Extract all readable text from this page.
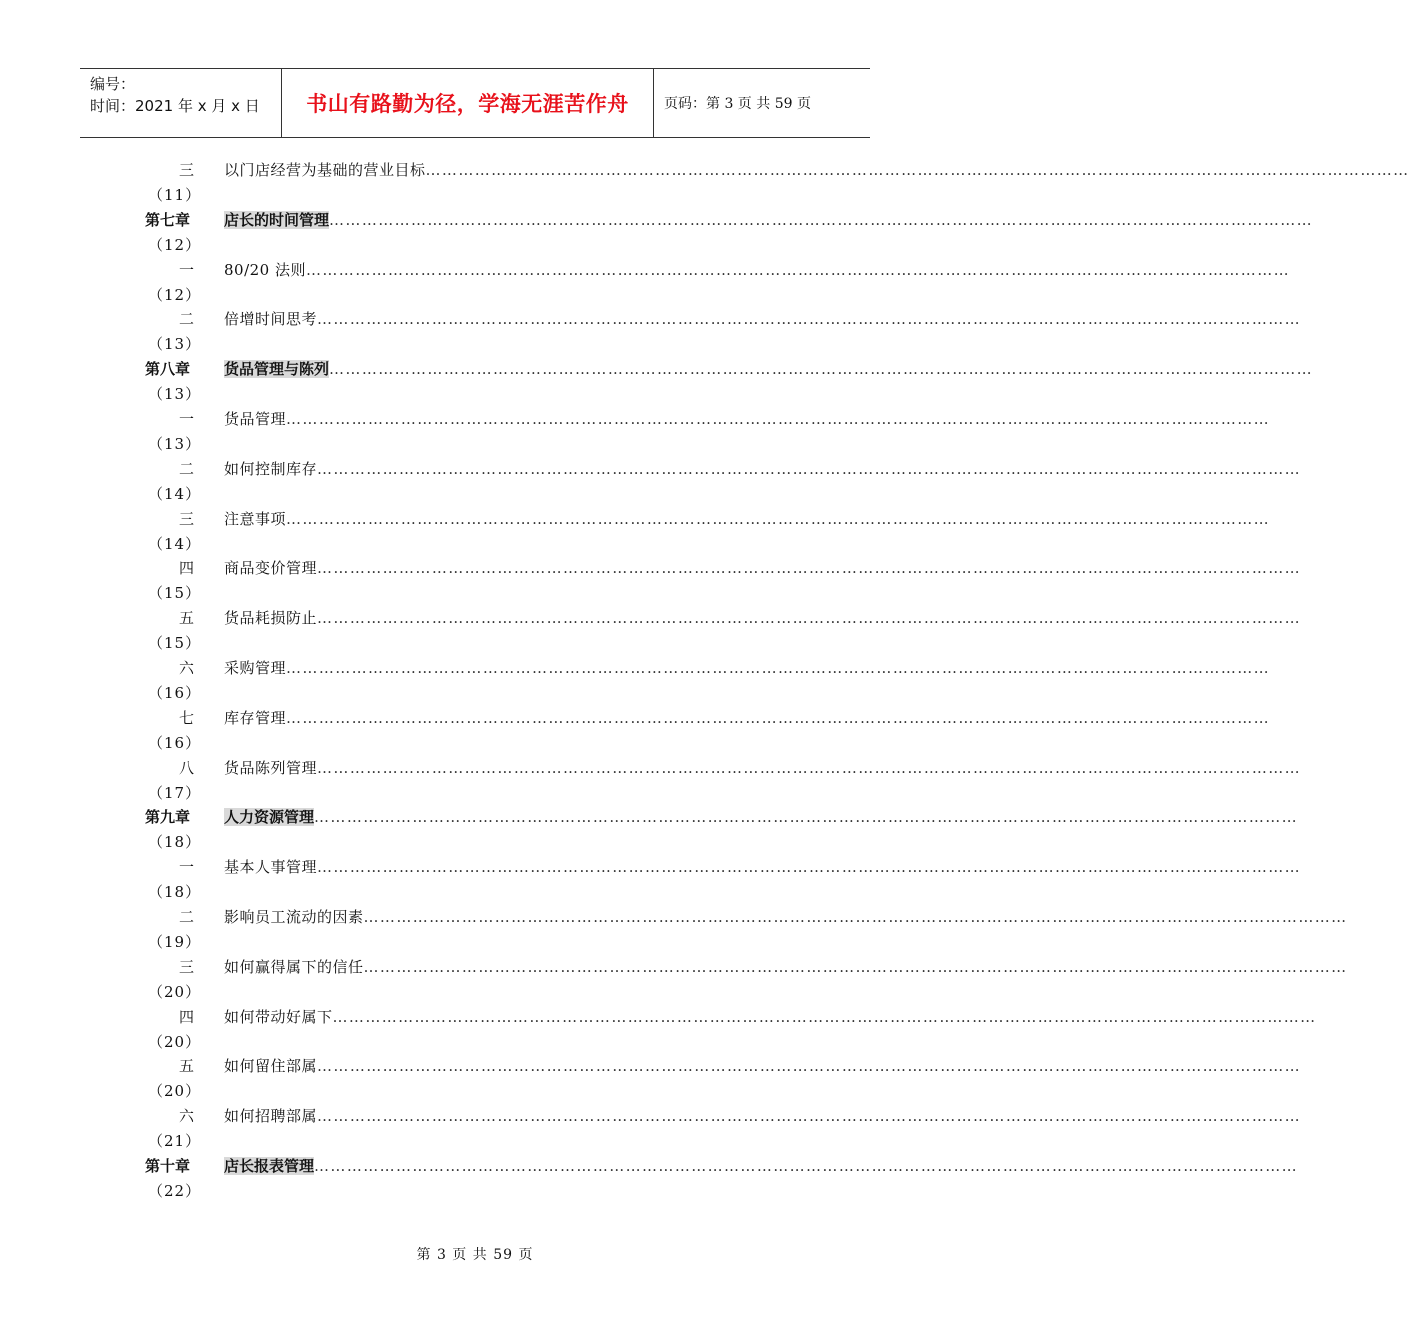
编号：
时间：2021 年 x 月 x 日	书山有路勤为径，学海无涯苦作舟	页码：第 3 页 共 59 页
三 以门店经营为基础的营业目标………………………………………………………………………………………………………………………………………………………………
（11）
第七章	店长的时间管理………………………………………………………………………………………………………………………………………………………………
（12）
一 80/20 法则………………………………………………………………………………………………………………………………………………………………
（12）
二 倍增时间思考………………………………………………………………………………………………………………………………………………………………
（13）
第八章	货品管理与陈列………………………………………………………………………………………………………………………………………………………………
（13）
一 货品管理………………………………………………………………………………………………………………………………………………………………
（13）
二 如何控制库存………………………………………………………………………………………………………………………………………………………………
（14）
三 注意事项………………………………………………………………………………………………………………………………………………………………
（14）
四 商品变价管理………………………………………………………………………………………………………………………………………………………………
（15）
五 货品耗损防止………………………………………………………………………………………………………………………………………………………………
（15）
六 采购管理………………………………………………………………………………………………………………………………………………………………
（16）
七 库存管理………………………………………………………………………………………………………………………………………………………………
（16）
八 货品陈列管理………………………………………………………………………………………………………………………………………………………………
（17）
第九章	人力资源管理………………………………………………………………………………………………………………………………………………………………
（18）
一 基本人事管理………………………………………………………………………………………………………………………………………………………………
（18）
二 影响员工流动的因素………………………………………………………………………………………………………………………………………………………………
（19）
三 如何赢得属下的信任………………………………………………………………………………………………………………………………………………………………
（20）
四 如何带动好属下………………………………………………………………………………………………………………………………………………………………
（20）
五 如何留住部属………………………………………………………………………………………………………………………………………………………………
（20）
六 如何招聘部属………………………………………………………………………………………………………………………………………………………………
（21）
第十章	店长报表管理………………………………………………………………………………………………………………………………………………………………
（22）
第 3 页 共 59 页
